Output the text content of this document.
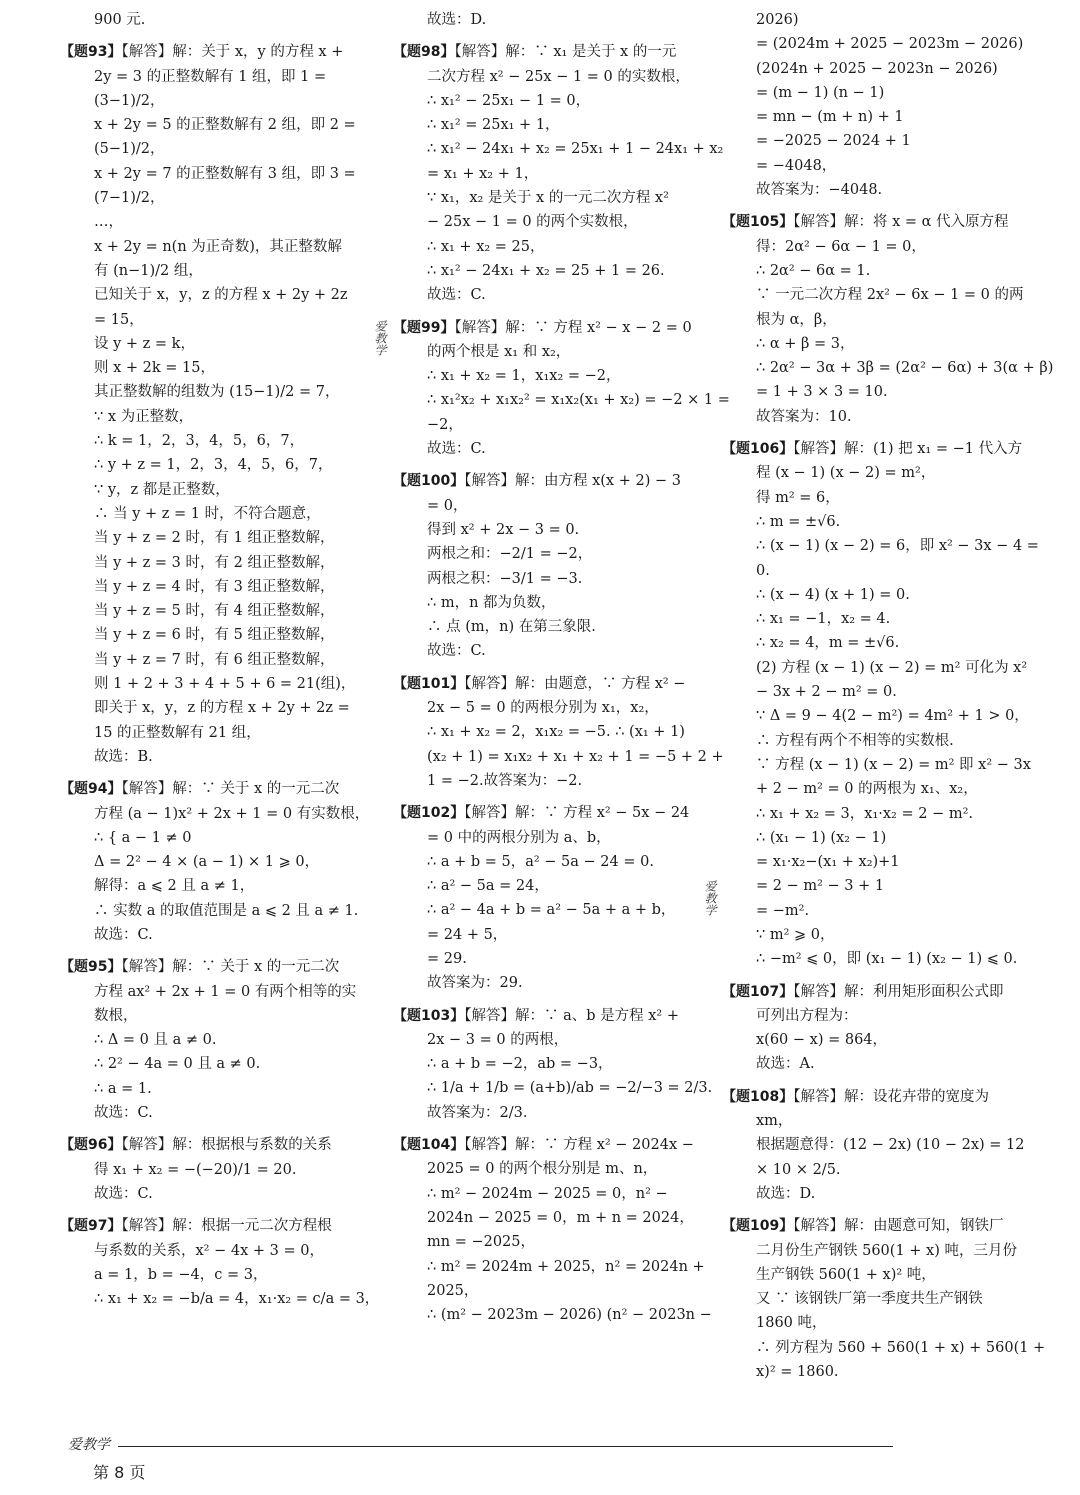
900 元.
【题93】【解答】解：关于 x，y 的方程 x +
2y = 3 的正整数解有 1 组，即 1 =
(3−1)/2，
x + 2y = 5 的正整数解有 2 组，即 2 =
(5−1)/2，
x + 2y = 7 的正整数解有 3 组，即 3 =
(7−1)/2，
…，
x + 2y = n(n 为正奇数)，其正整数解
有 (n−1)/2 组，
已知关于 x，y，z 的方程 x + 2y + 2z
= 15，
设 y + z = k，
则 x + 2k = 15，
其正整数解的组数为 (15−1)/2 = 7，
∵ x 为正整数，
∴ k = 1，2，3，4，5，6，7，
∴ y + z = 1，2，3，4，5，6，7，
∵ y，z 都是正整数，
∴ 当 y + z = 1 时，不符合题意，
当 y + z = 2 时，有 1 组正整数解，
当 y + z = 3 时，有 2 组正整数解，
当 y + z = 4 时，有 3 组正整数解，
当 y + z = 5 时，有 4 组正整数解，
当 y + z = 6 时，有 5 组正整数解，
当 y + z = 7 时，有 6 组正整数解，
则 1 + 2 + 3 + 4 + 5 + 6 = 21(组)，
即关于 x，y，z 的方程 x + 2y + 2z =
15 的正整数解有 21 组，
故选：B.
【题94】【解答】解：∵ 关于 x 的一元二次
方程 (a − 1)x² + 2x + 1 = 0 有实数根，
∴ { a − 1 ≠ 0
Δ = 2² − 4 × (a − 1) × 1 ⩾ 0，
解得：a ⩽ 2 且 a ≠ 1，
∴ 实数 a 的取值范围是 a ⩽ 2 且 a ≠ 1.
故选：C.
【题95】【解答】解：∵ 关于 x 的一元二次
方程 ax² + 2x + 1 = 0 有两个相等的实
数根，
∴ Δ = 0 且 a ≠ 0.
∴ 2² − 4a = 0 且 a ≠ 0.
∴ a = 1.
故选：C.
【题96】【解答】解：根据根与系数的关系
得 x₁ + x₂ = −(−20)/1 = 20.
故选：C.
【题97】【解答】解：根据一元二次方程根
与系数的关系，x² − 4x + 3 = 0，
a = 1，b = −4，c = 3，
∴ x₁ + x₂ = −b/a = 4，x₁·x₂ = c/a = 3，
故选：D.
【题98】【解答】解：∵ x₁ 是关于 x 的一元
二次方程 x² − 25x − 1 = 0 的实数根，
∴ x₁² − 25x₁ − 1 = 0，
∴ x₁² = 25x₁ + 1，
∴ x₁² − 24x₁ + x₂ = 25x₁ + 1 − 24x₁ + x₂
= x₁ + x₂ + 1，
∵ x₁，x₂ 是关于 x 的一元二次方程 x²
− 25x − 1 = 0 的两个实数根，
∴ x₁ + x₂ = 25，
∴ x₁² − 24x₁ + x₂ = 25 + 1 = 26.
故选：C.
【题99】【解答】解：∵ 方程 x² − x − 2 = 0
的两个根是 x₁ 和 x₂，
∴ x₁ + x₂ = 1，x₁x₂ = −2，
∴ x₁²x₂ + x₁x₂² = x₁x₂(x₁ + x₂) = −2 × 1 =
−2，
故选：C.
【题100】【解答】解：由方程 x(x + 2) − 3
= 0，
得到 x² + 2x − 3 = 0.
两根之和：−2/1 = −2，
两根之积：−3/1 = −3.
∴ m，n 都为负数，
∴ 点 (m，n) 在第三象限.
故选：C.
【题101】【解答】解：由题意，∵ 方程 x² −
2x − 5 = 0 的两根分别为 x₁，x₂，
∴ x₁ + x₂ = 2，x₁x₂ = −5. ∴ (x₁ + 1)
(x₂ + 1) = x₁x₂ + x₁ + x₂ + 1 = −5 + 2 +
1 = −2.故答案为：−2.
【题102】【解答】解：∵ 方程 x² − 5x − 24
= 0 中的两根分别为 a、b，
∴ a + b = 5，a² − 5a − 24 = 0.
∴ a² − 5a = 24，
∴ a² − 4a + b = a² − 5a + a + b，
= 24 + 5，
= 29.
故答案为：29.
【题103】【解答】解：∵ a、b 是方程 x² +
2x − 3 = 0 的两根，
∴ a + b = −2，ab = −3，
∴ 1/a + 1/b = (a+b)/ab = −2/−3 = 2/3.
故答案为：2/3.
【题104】【解答】解：∵ 方程 x² − 2024x −
2025 = 0 的两个根分别是 m、n，
∴ m² − 2024m − 2025 = 0，n² −
2024n − 2025 = 0，m + n = 2024，
mn = −2025，
∴ m² = 2024m + 2025，n² = 2024n +
2025，
∴ (m² − 2023m − 2026) (n² − 2023n −
2026)
= (2024m + 2025 − 2023m − 2026)
(2024n + 2025 − 2023n − 2026)
= (m − 1) (n − 1)
= mn − (m + n) + 1
= −2025 − 2024 + 1
= −4048，
故答案为：−4048.
【题105】【解答】解：将 x = α 代入原方程
得：2α² − 6α − 1 = 0，
∴ 2α² − 6α = 1.
∵ 一元二次方程 2x² − 6x − 1 = 0 的两
根为 α，β，
∴ α + β = 3，
∴ 2α² − 3α + 3β = (2α² − 6α) + 3(α + β)
= 1 + 3 × 3 = 10.
故答案为：10.
【题106】【解答】解：(1) 把 x₁ = −1 代入方
程 (x − 1) (x − 2) = m²，
得 m² = 6，
∴ m = ±√6.
∴ (x − 1) (x − 2) = 6，即 x² − 3x − 4 =
0.
∴ (x − 4) (x + 1) = 0.
∴ x₁ = −1，x₂ = 4.
∴ x₂ = 4，m = ±√6.
(2) 方程 (x − 1) (x − 2) = m² 可化为 x²
− 3x + 2 − m² = 0.
∵ Δ = 9 − 4(2 − m²) = 4m² + 1 > 0，
∴ 方程有两个不相等的实数根.
∵ 方程 (x − 1) (x − 2) = m² 即 x² − 3x
+ 2 − m² = 0 的两根为 x₁、x₂，
∴ x₁ + x₂ = 3，x₁·x₂ = 2 − m².
∴ (x₁ − 1) (x₂ − 1)
= x₁·x₂−(x₁ + x₂)+1
= 2 − m² − 3 + 1
= −m².
∵ m² ⩾ 0，
∴ −m² ⩽ 0，即 (x₁ − 1) (x₂ − 1) ⩽ 0.
【题107】【解答】解：利用矩形面积公式即
可列出方程为：
x(60 − x) = 864，
故选：A.
【题108】【解答】解：设花卉带的宽度为
xm，
根据题意得：(12 − 2x) (10 − 2x) = 12
× 10 × 2/5.
故选：D.
【题109】【解答】解：由题意可知，钢铁厂
二月份生产钢铁 560(1 + x) 吨，三月份
生产钢铁 560(1 + x)² 吨，
又 ∵ 该钢铁厂第一季度共生产钢铁
1860 吨，
∴ 列方程为 560 + 560(1 + x) + 560(1 +
x)² = 1860.
爱教学
爱教学
爱教学
第 8 页
